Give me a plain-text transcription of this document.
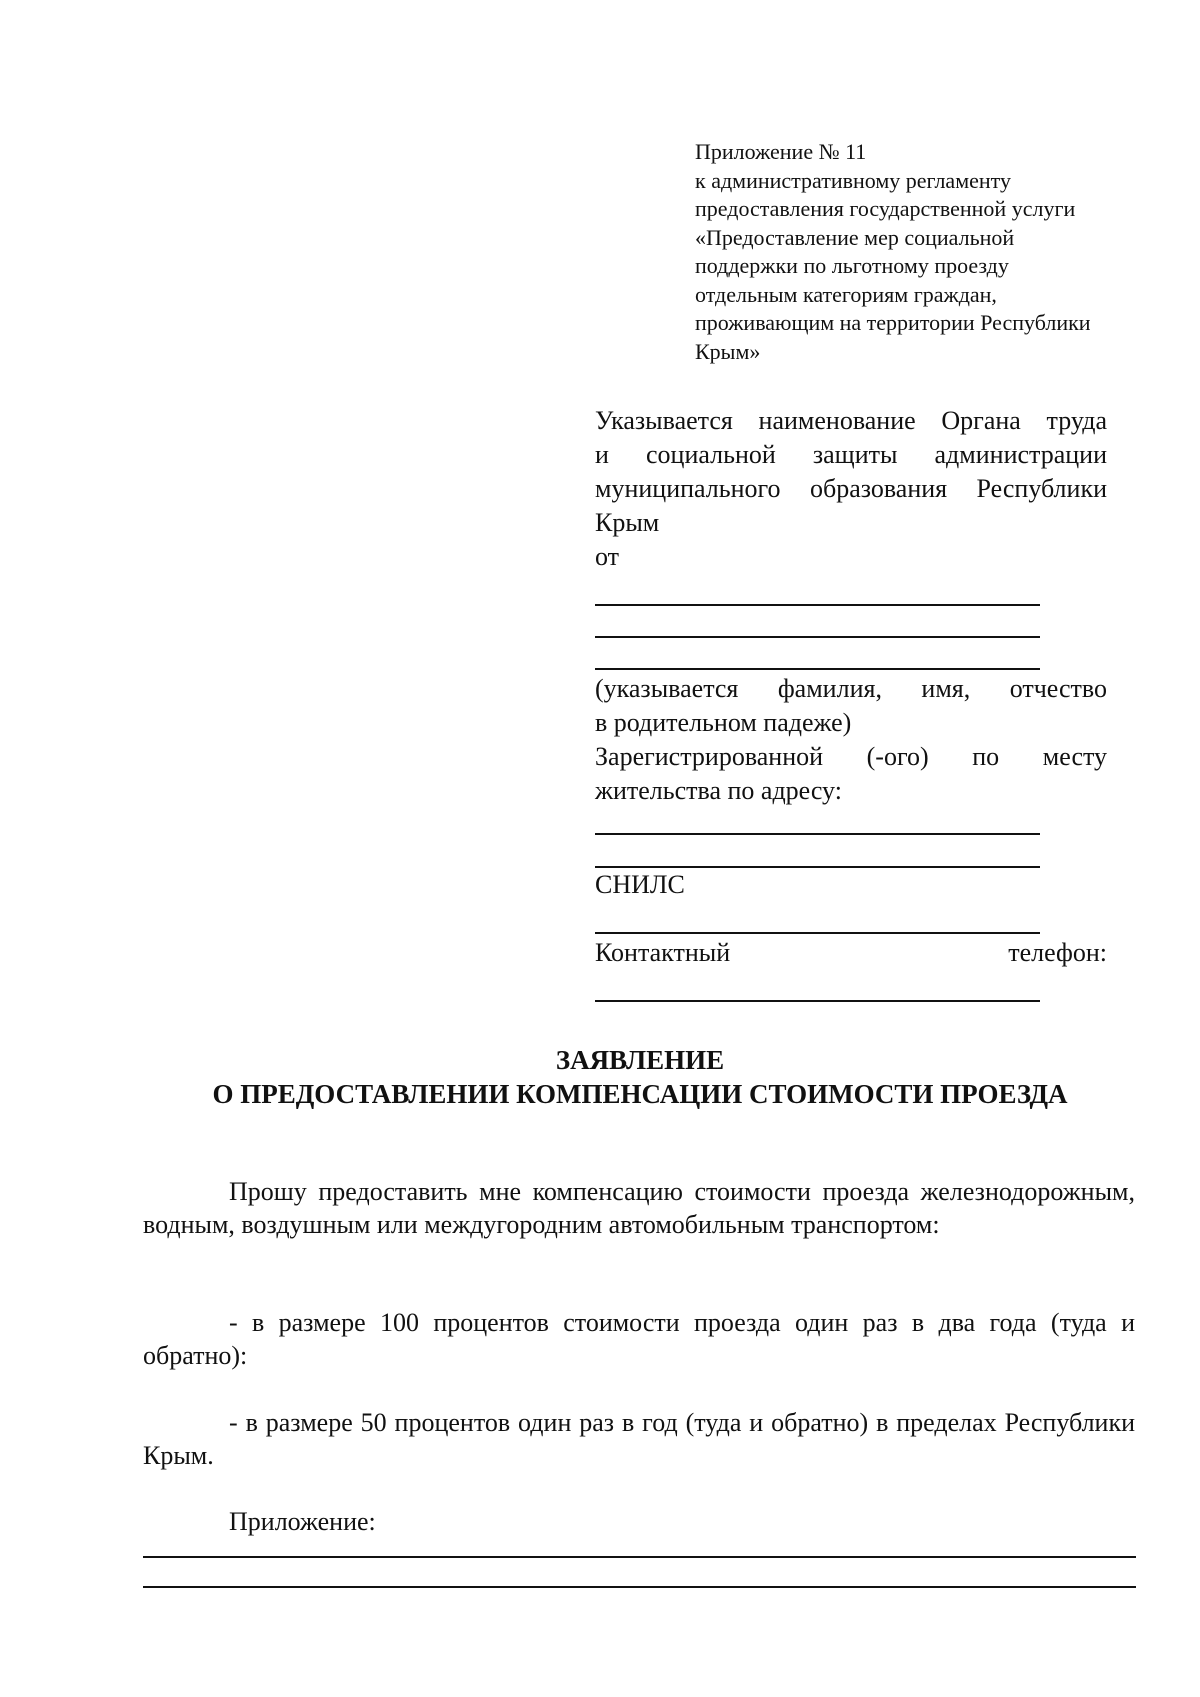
Приложение № 11
к административному регламенту
предоставления государственной услуги
«Предоставление мер социальной
поддержки по льготному проезду
отдельным категориям граждан,
проживающим на территории Республики
Крым»
Указывается наименование Органа труда
и социальной защиты администрации
муниципального образования Республики
Крым
от
(указывается фамилия, имя, отчество
в родительном падеже)
Зарегистрированной (-ого) по месту
жительства по адресу:
СНИЛС
Контактный	телефон:
ЗАЯВЛЕНИЕ
О ПРЕДОСТАВЛЕНИИ КОМПЕНСАЦИИ СТОИМОСТИ ПРОЕЗДА
Прошу предоставить мне компенсацию стоимости проезда железнодорожным, водным, воздушным или междугородним автомобильным транспортом:
- в размере 100 процентов стоимости проезда один раз в два года (туда и обратно):
- в размере 50 процентов один раз в год (туда и обратно) в пределах Республики Крым.
Приложение:
